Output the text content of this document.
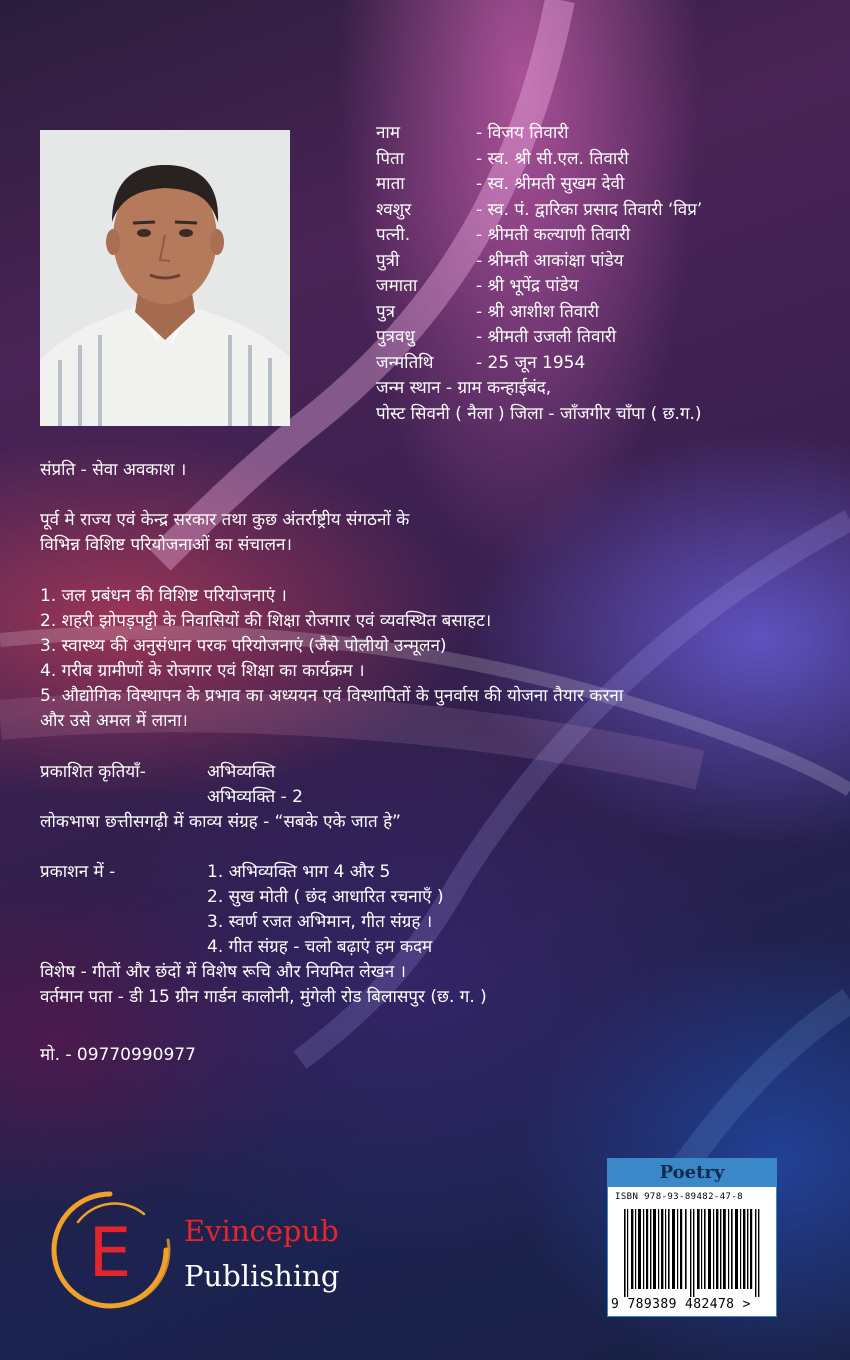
नाम	- विजय तिवारी
पिता	- स्व. श्री सी.एल. तिवारी
माता	- स्व. श्रीमती सुखम देवी
श्वशुर	- स्व. पं. द्वारिका प्रसाद तिवारी ‘विप्र’
पत्नी.	- श्रीमती कल्याणी तिवारी
पुत्री	- श्रीमती आकांक्षा पांडेय
जमाता	- श्री भूपेंद्र पांडेय
पुत्र	- श्री आशीश तिवारी
पुत्रवधु	- श्रीमती उजली तिवारी
जन्मतिथि	- 25 जून 1954
जन्म स्थान - ग्राम कन्हाईबंद,
पोस्ट सिवनी ( नैला ) जिला - जाँजगीर चाँपा ( छ.ग.)
संप्रति - सेवा अवकाश ।
पूर्व मे राज्य एवं केन्द्र सरकार तथा कुछ अंतर्राष्ट्रीय संगठनों के
विभिन्न विशिष्ट परियोजनाओं का संचालन।
1. जल प्रबंधन की विशिष्ट परियोजनाएं ।
2. शहरी झोपड़पट्टी के निवासियों की शिक्षा रोजगार एवं व्यवस्थित बसाहट।
3. स्वास्थ्य की अनुसंधान परक परियोजनाएं (जैसे पोलीयो उन्मूलन)
4. गरीब ग्रामीणों के रोजगार एवं शिक्षा का कार्यक्रम ।
5. औद्योगिक विस्थापन के प्रभाव का अध्ययन एवं विस्थापितों के पुनर्वास की योजना तैयार करना
और उसे अमल में लाना।
प्रकाशित कृतियाँ-	अभिव्यक्ति
अभिव्यक्ति - 2
लोकभाषा छत्तीसगढ़ी में काव्य संग्रह - “सबके एके जात हे”
प्रकाशन में -	1. अभिव्यक्ति भाग 4 और 5
2. सुख मोती ( छंद आधारित रचनाएँ )
3. स्वर्ण रजत अभिमान, गीत संग्रह ।
4. गीत संग्रह - चलो बढ़ाएं हम कदम
विशेष - गीतों और छंदों में विशेष रूचि और नियमित लेखन ।
वर्तमान पता - डी 15 ग्रीन गार्डन कालोनी, मुंगेली रोड बिलासपुर (छ. ग. )
मो. - 09770990977
E Evincepub
Publishing
Poetry
ISBN 978-93-89482-47-8
9 789389 482478 >
